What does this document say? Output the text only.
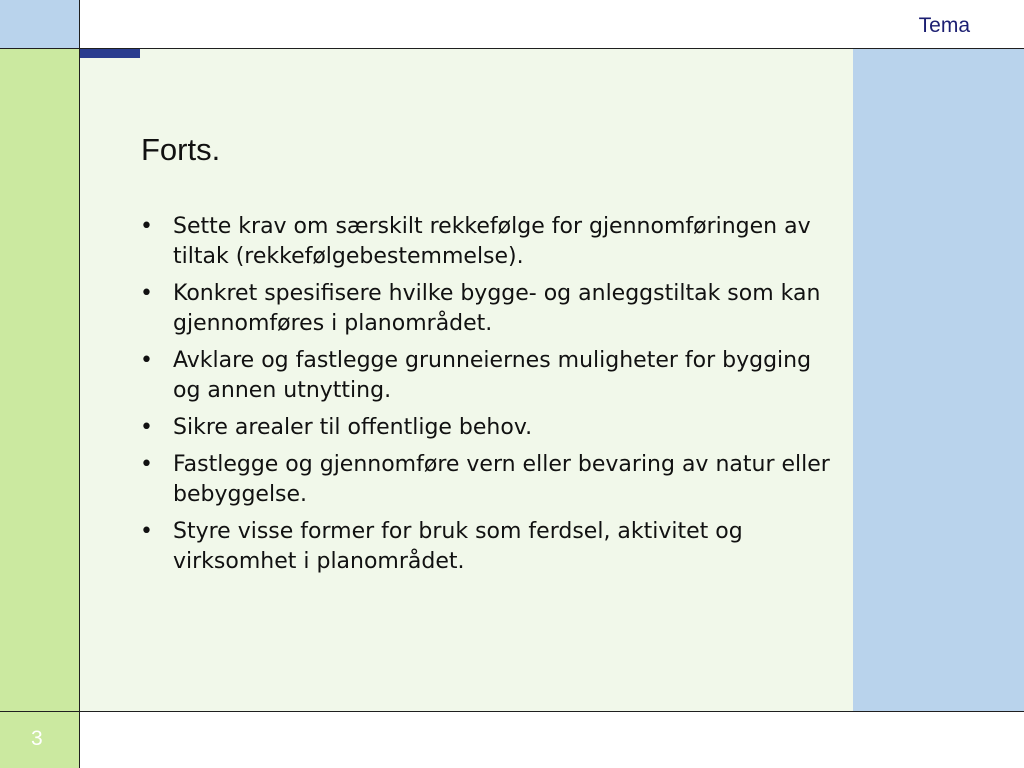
Tema
Forts.
• Sette krav om særskilt rekkefølge for gjennomføringen av tiltak (rekkefølgebestemmelse).
• Konkret spesifisere hvilke bygge- og anleggstiltak som kan gjennomføres i planområdet.
• Avklare og fastlegge grunneiernes muligheter for bygging og annen utnytting.
• Sikre arealer til offentlige behov.
• Fastlegge og gjennomføre vern eller bevaring av natur eller bebyggelse.
• Styre visse former for bruk som ferdsel, aktivitet og virksomhet i planområdet.
3
